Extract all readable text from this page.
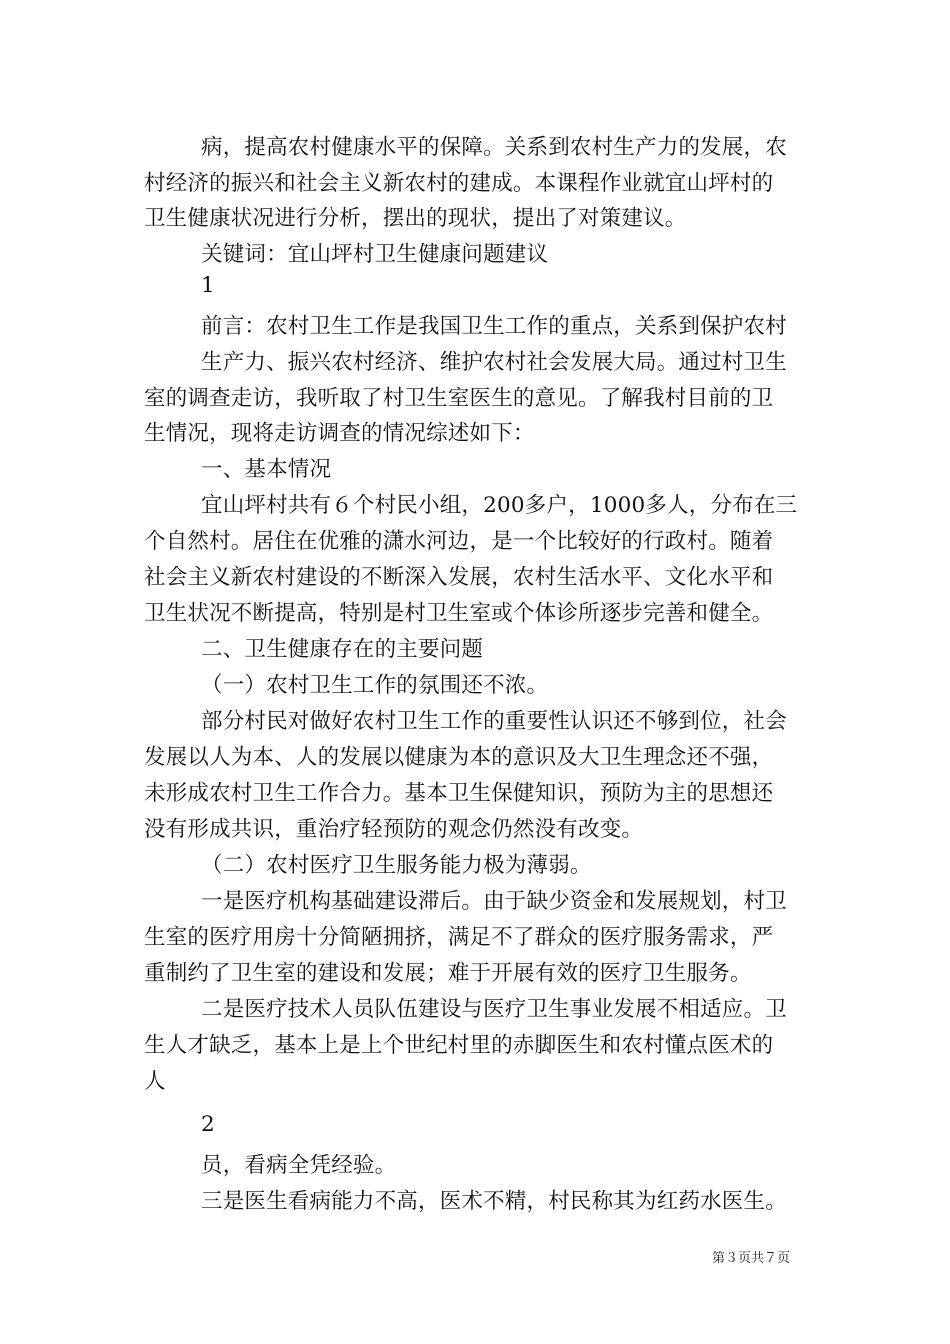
病，提高农村健康水平的保障。关系到农村生产力的发展，农
村经济的振兴和社会主义新农村的建成。本课程作业就宜山坪村的
卫生健康状况进行分析，摆出的现状，提出了对策建议。
关键词：宜山坪村卫生健康问题建议
1
前言：农村卫生工作是我国卫生工作的重点，关系到保护农村
生产力、振兴农村经济、维护农村社会发展大局。通过村卫生
室的调查走访，我听取了村卫生室医生的意见。了解我村目前的卫
生情况，现将走访调查的情况综述如下：
一、基本情况
宜山坪村共有６个村民小组，200多户，1000多人，分布在三
个自然村。居住在优雅的潇水河边，是一个比较好的行政村。随着
社会主义新农村建设的不断深入发展，农村生活水平、文化水平和
卫生状况不断提高，特别是村卫生室或个体诊所逐步完善和健全。
二、卫生健康存在的主要问题
（一）农村卫生工作的氛围还不浓。
部分村民对做好农村卫生工作的重要性认识还不够到位，社会
发展以人为本、人的发展以健康为本的意识及大卫生理念还不强，
未形成农村卫生工作合力。基本卫生保健知识，预防为主的思想还
没有形成共识，重治疗轻预防的观念仍然没有改变。
（二）农村医疗卫生服务能力极为薄弱。
一是医疗机构基础建设滞后。由于缺少资金和发展规划，村卫
生室的医疗用房十分简陋拥挤，满足不了群众的医疗服务需求，严
重制约了卫生室的建设和发展；难于开展有效的医疗卫生服务。
二是医疗技术人员队伍建设与医疗卫生事业发展不相适应。卫
生人才缺乏，基本上是上个世纪村里的赤脚医生和农村懂点医术的
人
2
员，看病全凭经验。
三是医生看病能力不高，医术不精，村民称其为红药水医生。
第３页共７页
